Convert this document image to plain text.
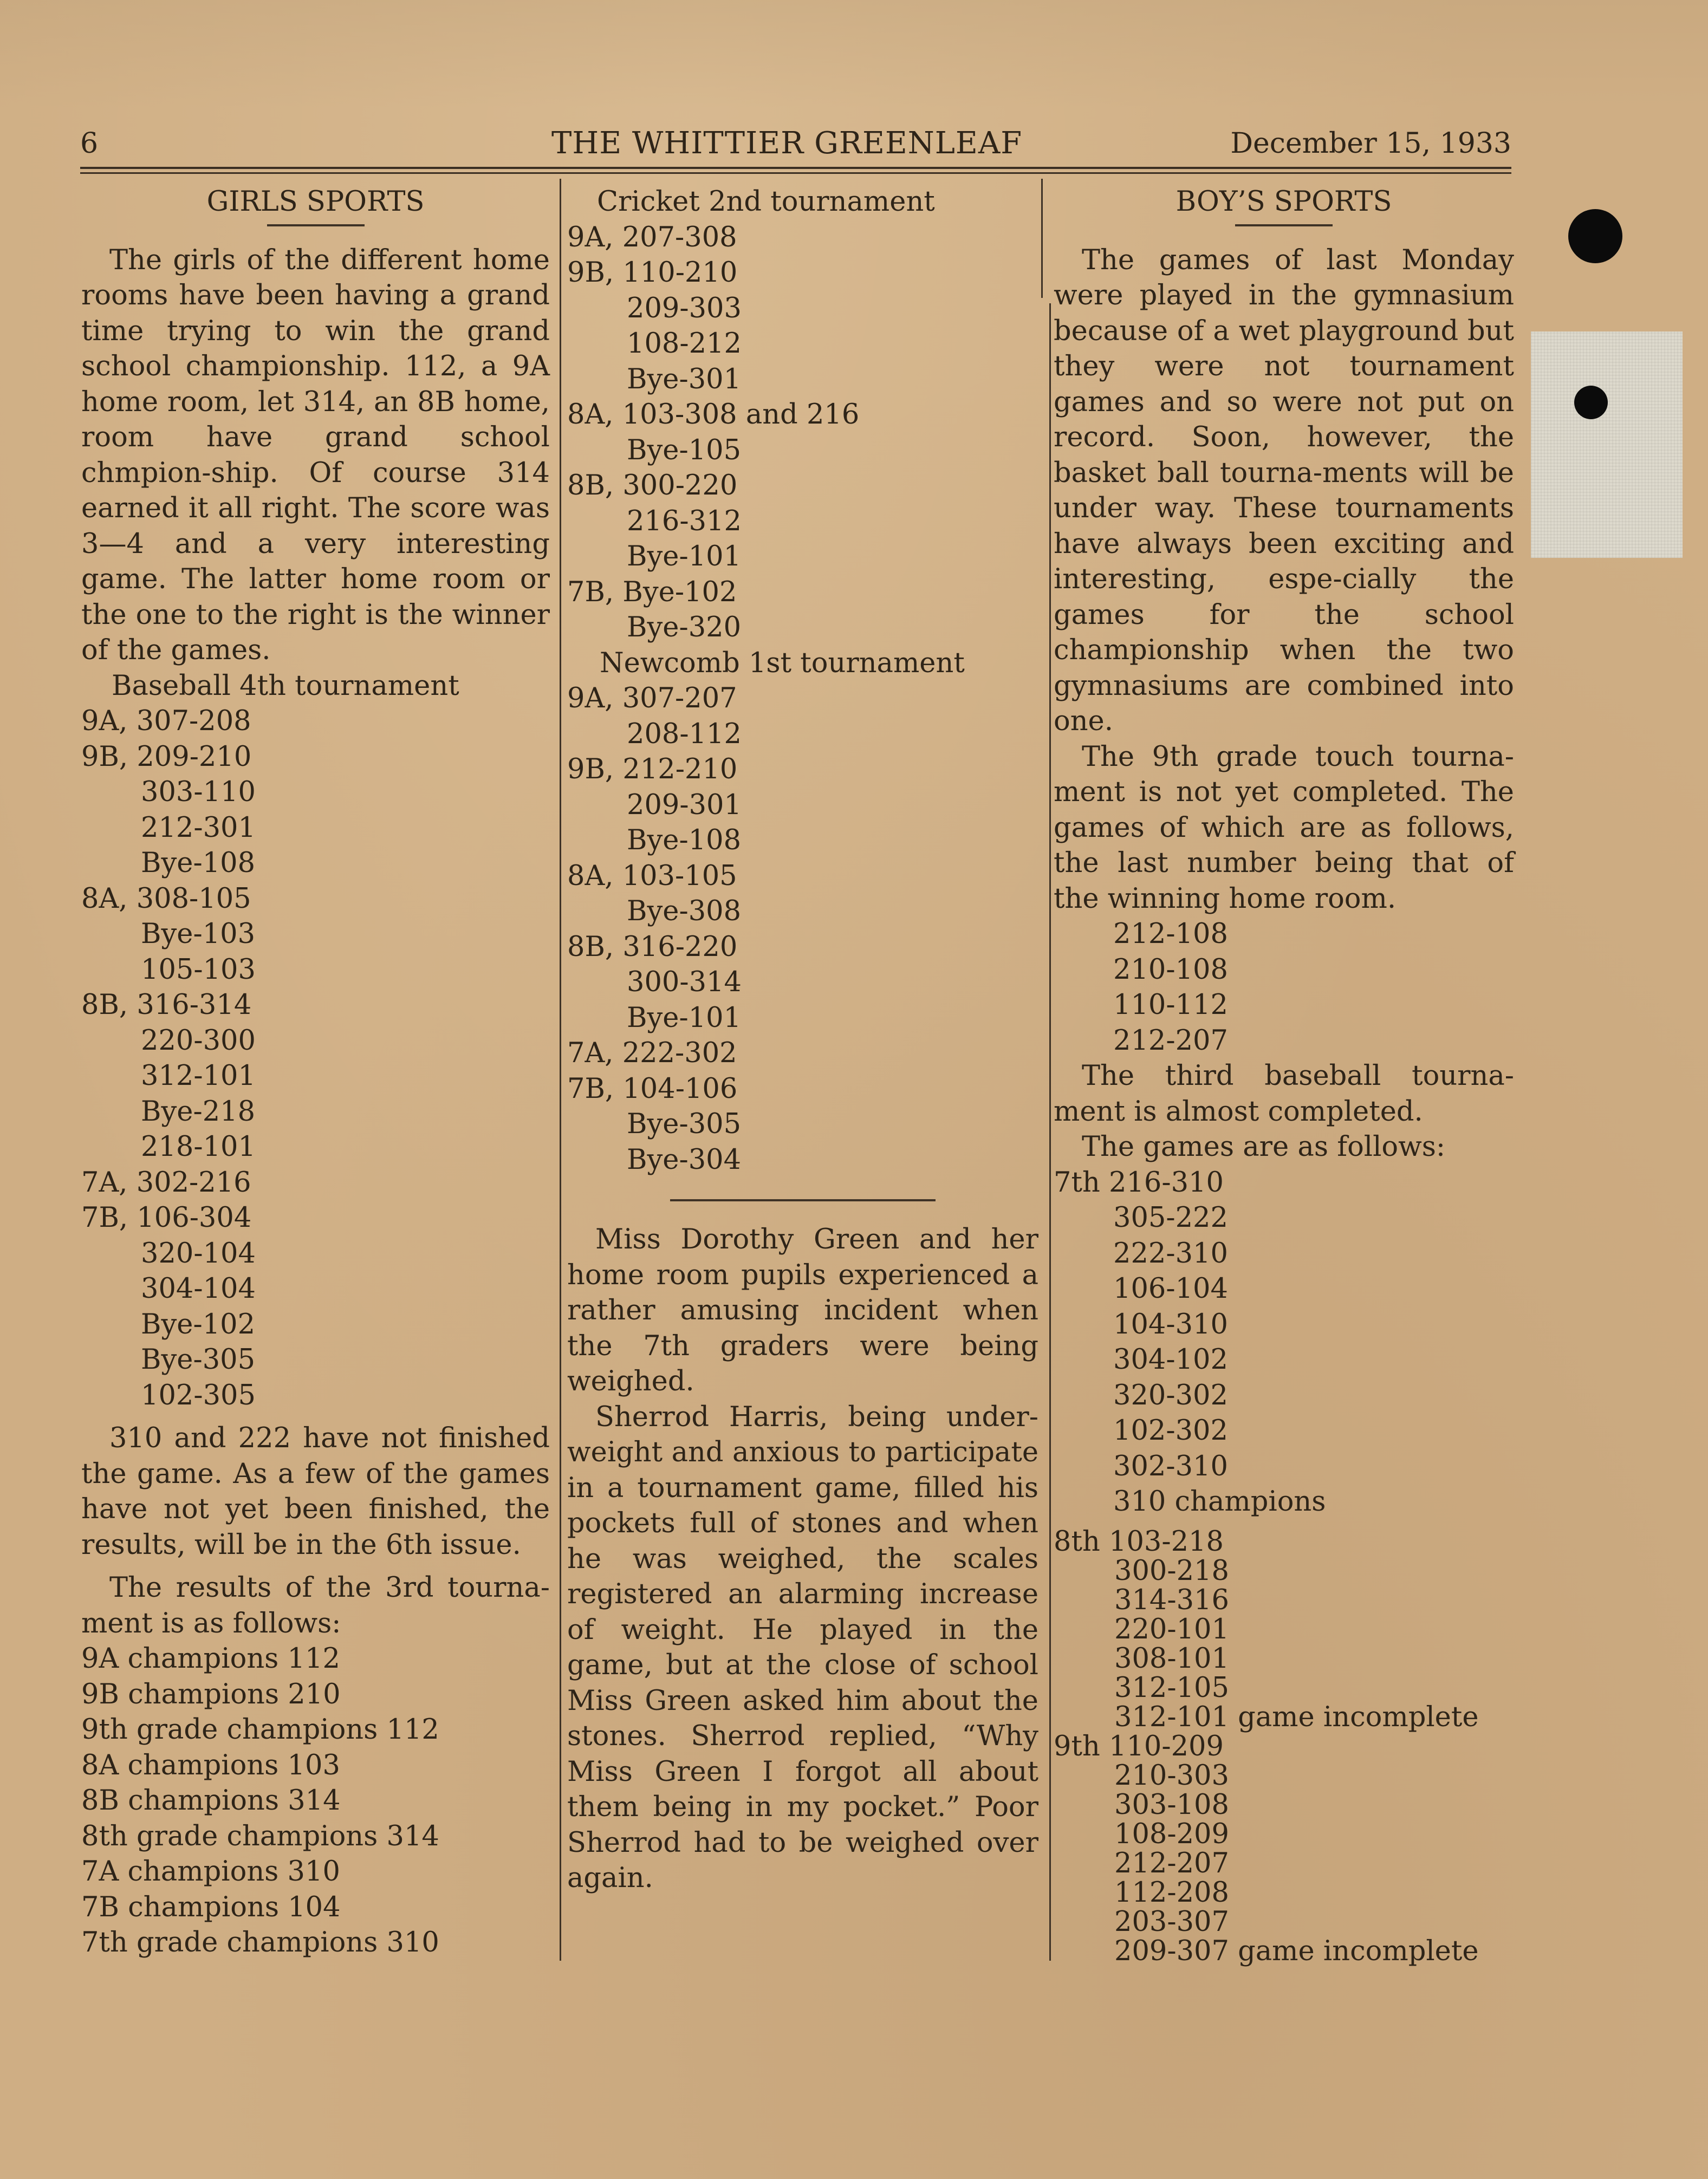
6	THE WHITTIER GREENLEAF	December 15, 1933

GIRLS SPORTS

The girls of the different home rooms have been having a grand time trying to win the grand school championship. 112, a 9A home room, let 314, an 8B home, room have grand school chmpion-ship. Of course 314 earned it all right. The score was 3—4 and a very interesting game. The latter home room or the one to the right is the winner of the games.

Baseball 4th tournament

9A, 307-208

9B, 209-210

303-110

212-301

Bye-108

8A, 308-105

Bye-103

105-103

8B, 316-314

220-300

312-101

Bye-218

218-101

7A, 302-216

7B, 106-304

320-104

304-104

Bye-102

Bye-305

102-305

310 and 222 have not finished the game. As a few of the games have not yet been finished, the results, will be in the 6th issue.

The results of the 3rd tourna-ment is as follows:

9A champions 112

9B champions 210

9th grade champions 112

8A champions 103

8B champions 314

8th grade champions 314

7A champions 310

7B champions 104

7th grade champions 310

Cricket 2nd tournament

9A, 207-308

9B, 110-210

209-303

108-212

Bye-301

8A, 103-308 and 216

Bye-105

8B, 300-220

216-312

Bye-101

7B, Bye-102

Bye-320

Newcomb 1st tournament

9A, 307-207

208-112

9B, 212-210

209-301

Bye-108

8A, 103-105

Bye-308

8B, 316-220

300-314

Bye-101

7A, 222-302

7B, 104-106

Bye-305

Bye-304

Miss Dorothy Green and her home room pupils experienced a rather amusing incident when the 7th graders were being weighed.

Sherrod Harris, being under-weight and anxious to participate in a tournament game, filled his pockets full of stones and when he was weighed, the scales registered an alarming increase of weight. He played in the game, but at the close of school Miss Green asked him about the stones. Sherrod replied, “Why Miss Green I forgot all about them being in my pocket.” Poor Sherrod had to be weighed over again.

BOY’S SPORTS

The games of last Monday were played in the gymnasium because of a wet playground but they were not tournament games and so were not put on record. Soon, however, the basket ball tourna-ments will be under way. These tournaments have always been exciting and interesting, espe-cially the games for the school championship when the two gymnasiums are combined into one.

The 9th grade touch tourna-ment is not yet completed. The games of which are as follows, the last number being that of the winning home room.

212-108

210-108

110-112

212-207

The third baseball tourna-ment is almost completed.

The games are as follows:

7th 216-310

305-222

222-310

106-104

104-310

304-102

320-302

102-302

302-310

310 champions

8th 103-218

300-218

314-316

220-101

308-101

312-105

312-101 game incomplete

9th 110-209

210-303

303-108

108-209

212-207

112-208

203-307

209-307 game incomplete
